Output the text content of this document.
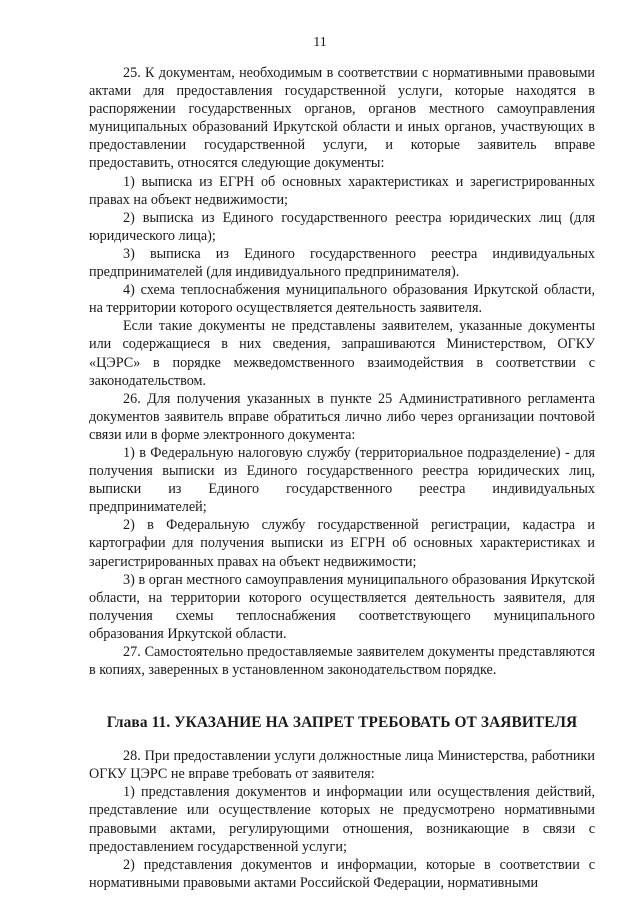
11

25. К документам, необходимым в соответствии с нормативными правовыми актами для предоставления государственной услуги, которые находятся в распоряжении государственных органов, органов местного самоуправления муниципальных образований Иркутской области и иных органов, участвующих в предоставлении государственной услуги, и которые заявитель вправе предоставить, относятся следующие документы:

1) выписка из ЕГРН об основных характеристиках и зарегистрированных правах на объект недвижимости;

2) выписка из Единого государственного реестра юридических лиц (для юридического лица);

3) выписка из Единого государственного реестра индивидуальных предпринимателей (для индивидуального предпринимателя).

4) схема теплоснабжения муниципального образования Иркутской области, на территории которого осуществляется деятельность заявителя.

Если такие документы не представлены заявителем, указанные документы или содержащиеся в них сведения, запрашиваются Министерством, ОГКУ «ЦЭРС» в порядке межведомственного взаимодействия в соответствии с законодательством.

26. Для получения указанных в пункте 25 Административного регламента документов заявитель вправе обратиться лично либо через организации почтовой связи или в форме электронного документа:

1) в Федеральную налоговую службу (территориальное подразделение) - для получения выписки из Единого государственного реестра юридических лиц, выписки из Единого государственного реестра индивидуальных предпринимателей;

2) в Федеральную службу государственной регистрации, кадастра и картографии для получения выписки из ЕГРН об основных характеристиках и зарегистрированных правах на объект недвижимости;

3) в орган местного самоуправления муниципального образования Иркутской области, на территории которого осуществляется деятельность заявителя, для получения схемы теплоснабжения соответствующего муниципального образования Иркутской области.

27. Самостоятельно предоставляемые заявителем документы представляются в копиях, заверенных в установленном законодательством порядке.

Глава 11. УКАЗАНИЕ НА ЗАПРЕТ ТРЕБОВАТЬ ОТ ЗАЯВИТЕЛЯ

28. При предоставлении услуги должностные лица Министерства, работники ОГКУ ЦЭРС не вправе требовать от заявителя:

1) представления документов и информации или осуществления действий, представление или осуществление которых не предусмотрено нормативными правовыми актами, регулирующими отношения, возникающие в связи с предоставлением государственной услуги;

2) представления документов и информации, которые в соответствии с нормативными правовыми актами Российской Федерации, нормативными
